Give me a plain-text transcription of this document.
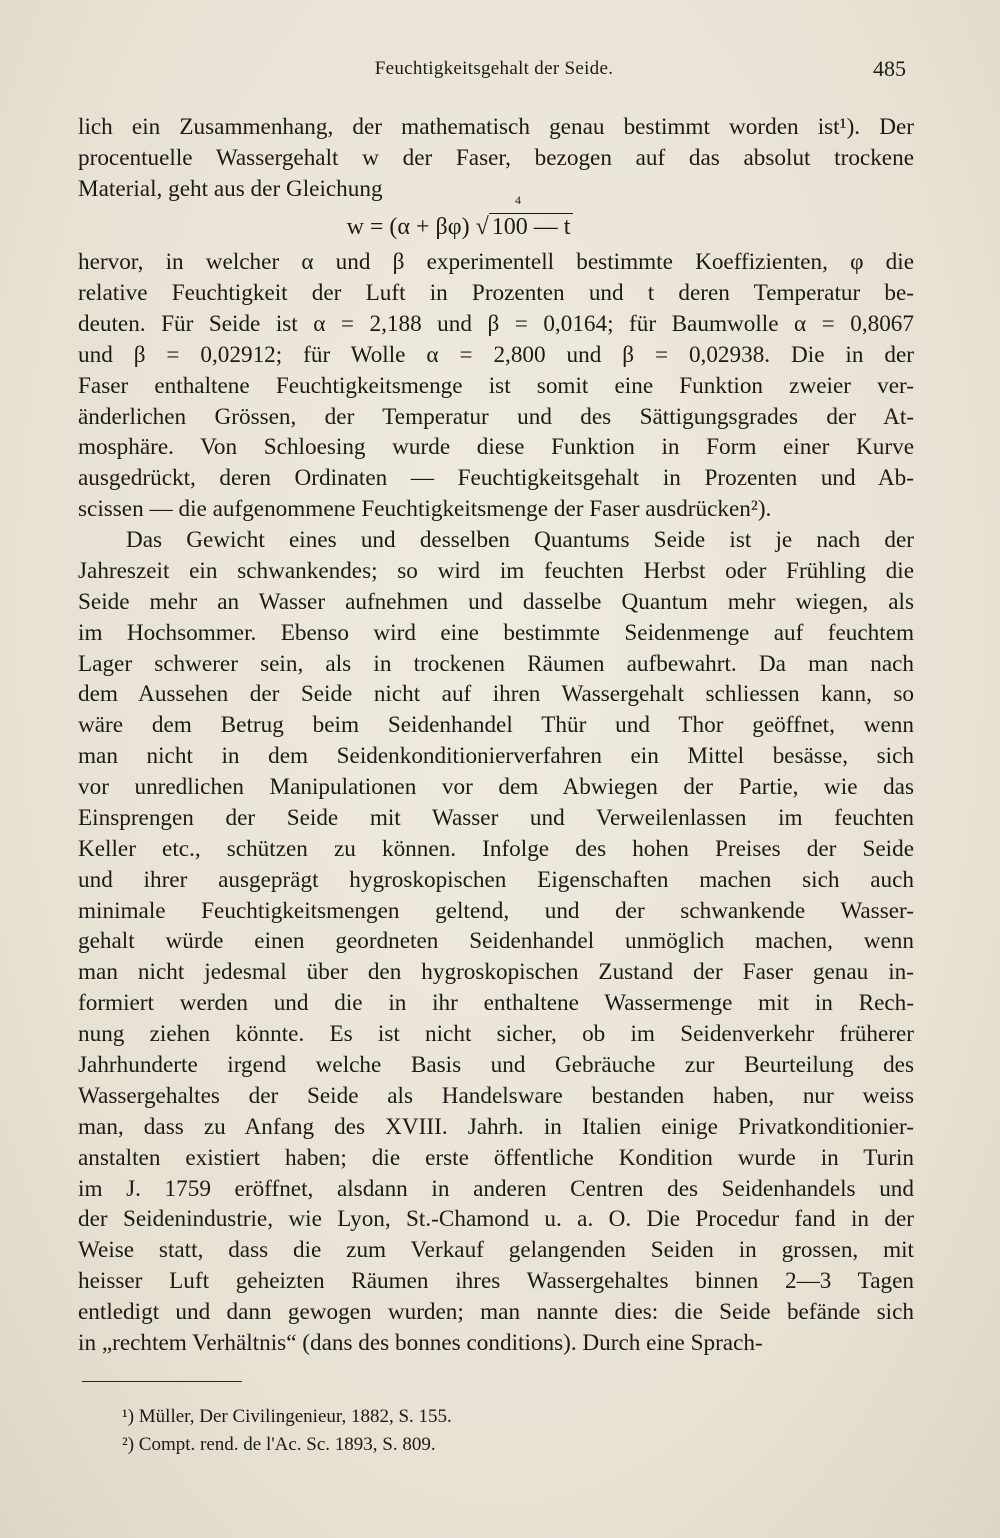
Feuchtigkeitsgehalt der Seide.	485
lich ein Zusammenhang, der mathematisch genau bestimmt worden ist¹). Der
procentuelle Wassergehalt w der Faser, bezogen auf das absolut trockene
Material, geht aus der Gleichung
w = (α + βφ)
4
√ 100 — t
hervor, in welcher α und β experimentell bestimmte Koeffizienten, φ die
relative Feuchtigkeit der Luft in Prozenten und t deren Temperatur be-
deuten. Für Seide ist α = 2,188 und β = 0,0164; für Baumwolle α = 0,8067
und β = 0,02912; für Wolle α = 2,800 und β = 0,02938. Die in der
Faser enthaltene Feuchtigkeitsmenge ist somit eine Funktion zweier ver-
änderlichen Grössen, der Temperatur und des Sättigungsgrades der At-
mosphäre. Von Schloesing wurde diese Funktion in Form einer Kurve
ausgedrückt, deren Ordinaten — Feuchtigkeitsgehalt in Prozenten und Ab-
scissen — die aufgenommene Feuchtigkeitsmenge der Faser ausdrücken²).
Das Gewicht eines und desselben Quantums Seide ist je nach der
Jahreszeit ein schwankendes; so wird im feuchten Herbst oder Frühling die
Seide mehr an Wasser aufnehmen und dasselbe Quantum mehr wiegen, als
im Hochsommer. Ebenso wird eine bestimmte Seidenmenge auf feuchtem
Lager schwerer sein, als in trockenen Räumen aufbewahrt. Da man nach
dem Aussehen der Seide nicht auf ihren Wassergehalt schliessen kann, so
wäre dem Betrug beim Seidenhandel Thür und Thor geöffnet, wenn
man nicht in dem Seidenkonditionierverfahren ein Mittel besässe, sich
vor unredlichen Manipulationen vor dem Abwiegen der Partie, wie das
Einsprengen der Seide mit Wasser und Verweilenlassen im feuchten
Keller etc., schützen zu können. Infolge des hohen Preises der Seide
und ihrer ausgeprägt hygroskopischen Eigenschaften machen sich auch
minimale Feuchtigkeitsmengen geltend, und der schwankende Wasser-
gehalt würde einen geordneten Seidenhandel unmöglich machen, wenn
man nicht jedesmal über den hygroskopischen Zustand der Faser genau in-
formiert werden und die in ihr enthaltene Wassermenge mit in Rech-
nung ziehen könnte. Es ist nicht sicher, ob im Seidenverkehr früherer
Jahrhunderte irgend welche Basis und Gebräuche zur Beurteilung des
Wassergehaltes der Seide als Handelsware bestanden haben, nur weiss
man, dass zu Anfang des XVIII. Jahrh. in Italien einige Privatkonditionier-
anstalten existiert haben; die erste öffentliche Kondition wurde in Turin
im J. 1759 eröffnet, alsdann in anderen Centren des Seidenhandels und
der Seidenindustrie, wie Lyon, St.-Chamond u. a. O. Die Procedur fand in der
Weise statt, dass die zum Verkauf gelangenden Seiden in grossen, mit
heisser Luft geheizten Räumen ihres Wassergehaltes binnen 2—3 Tagen
entledigt und dann gewogen wurden; man nannte dies: die Seide befände sich
in „rechtem Verhältnis“ (dans des bonnes conditions). Durch eine Sprach-
¹) Müller, Der Civilingenieur, 1882, S. 155.
²) Compt. rend. de l'Ac. Sc. 1893, S. 809.
